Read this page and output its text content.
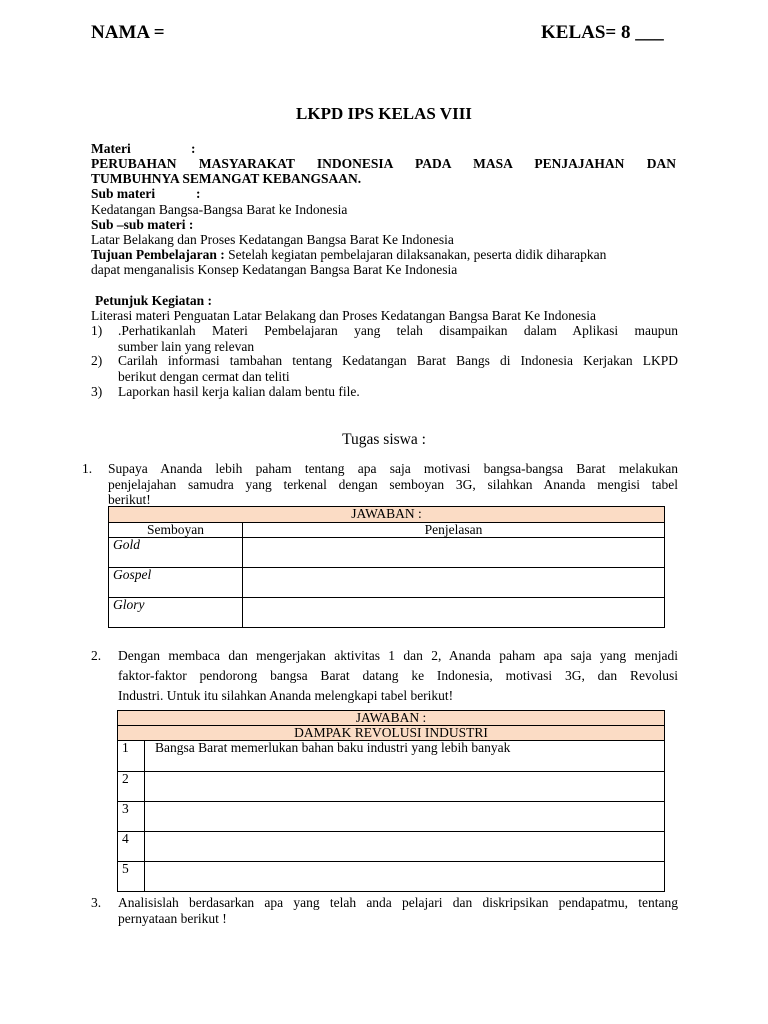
NAMA =	KELAS= 8 ___
LKPD IPS KELAS VIII
Materi	:
PERUBAHAN MASYARAKAT INDONESIA PADA MASA PENJAJAHAN DAN
TUMBUHNYA SEMANGAT KEBANGSAAN.
Sub materi	:
Kedatangan Bangsa-Bangsa Barat ke Indonesia
Sub –sub materi :
Latar Belakang dan Proses Kedatangan Bangsa Barat Ke Indonesia
Tujuan Pembelajaran : Setelah kegiatan pembelajaran dilaksanakan, peserta didik diharapkan
dapat menganalisis Konsep Kedatangan Bangsa Barat Ke Indonesia
Petunjuk Kegiatan :
Literasi materi Penguatan Latar Belakang dan Proses Kedatangan Bangsa Barat Ke Indonesia
1) .Perhatikanlah Materi Pembelajaran yang telah disampaikan dalam Aplikasi maupun
sumber lain yang relevan
2) Carilah informasi tambahan tentang Kedatangan Barat Bangs di Indonesia Kerjakan LKPD
berikut dengan cermat dan teliti
3) Laporkan hasil kerja kalian dalam bentu file.
Tugas siswa :
1. Supaya Ananda lebih paham tentang apa saja motivasi bangsa-bangsa Barat melakukan
penjelajahan samudra yang terkenal dengan semboyan 3G, silahkan Ananda mengisi tabel
berikut!
JAWABAN :	
Semboyan	Penjelasan
Gold	
Gospel	
Glory	
2. Dengan membaca dan mengerjakan aktivitas 1 dan 2, Ananda paham apa saja yang menjadi
faktor-faktor pendorong bangsa Barat datang ke Indonesia, motivasi 3G, dan Revolusi
Industri. Untuk itu silahkan Ananda melengkapi tabel berikut!
JAWABAN :	
DAMPAK REVOLUSI INDUSTRI	
1	Bangsa Barat memerlukan bahan baku industri yang lebih banyak
2	
3	
4	
5	
3. Analisislah berdasarkan apa yang telah anda pelajari dan diskripsikan pendapatmu, tentang
pernyataan berikut !
